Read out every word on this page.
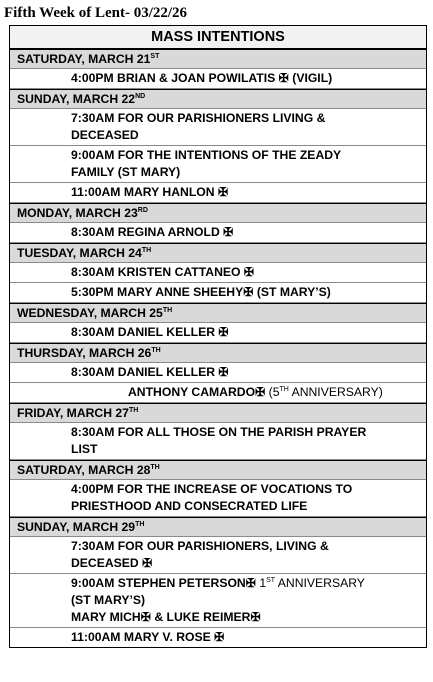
Fifth Week of Lent- 03/22/26
MASS INTENTIONS
SATURDAY, MARCH 21ST
4:00PM BRIAN & JOAN POWILATIS ✠ (VIGIL)
SUNDAY, MARCH 22ND
7:30AM FOR OUR PARISHIONERS LIVING &
DECEASED
9:00AM FOR THE INTENTIONS OF THE ZEADY
FAMILY (ST MARY)
11:00AM MARY HANLON ✠
MONDAY, MARCH 23RD
8:30AM REGINA ARNOLD ✠
TUESDAY, MARCH 24TH
8:30AM KRISTEN CATTANEO ✠
5:30PM MARY ANNE SHEEHY✠ (ST MARY’S)
WEDNESDAY, MARCH 25TH
8:30AM DANIEL KELLER ✠
THURSDAY, MARCH 26TH
8:30AM DANIEL KELLER ✠
ANTHONY CAMARDO✠ (5TH ANNIVERSARY)
FRIDAY, MARCH 27TH
8:30AM FOR ALL THOSE ON THE PARISH PRAYER
LIST
SATURDAY, MARCH 28TH
4:00PM FOR THE INCREASE OF VOCATIONS TO
PRIESTHOOD AND CONSECRATED LIFE
SUNDAY, MARCH 29TH
7:30AM FOR OUR PARISHIONERS, LIVING &
DECEASED ✠
9:00AM STEPHEN PETERSON✠ 1ST ANNIVERSARY
(ST MARY’S)
MARY MICH✠ & LUKE REIMER✠
11:00AM MARY V. ROSE ✠
